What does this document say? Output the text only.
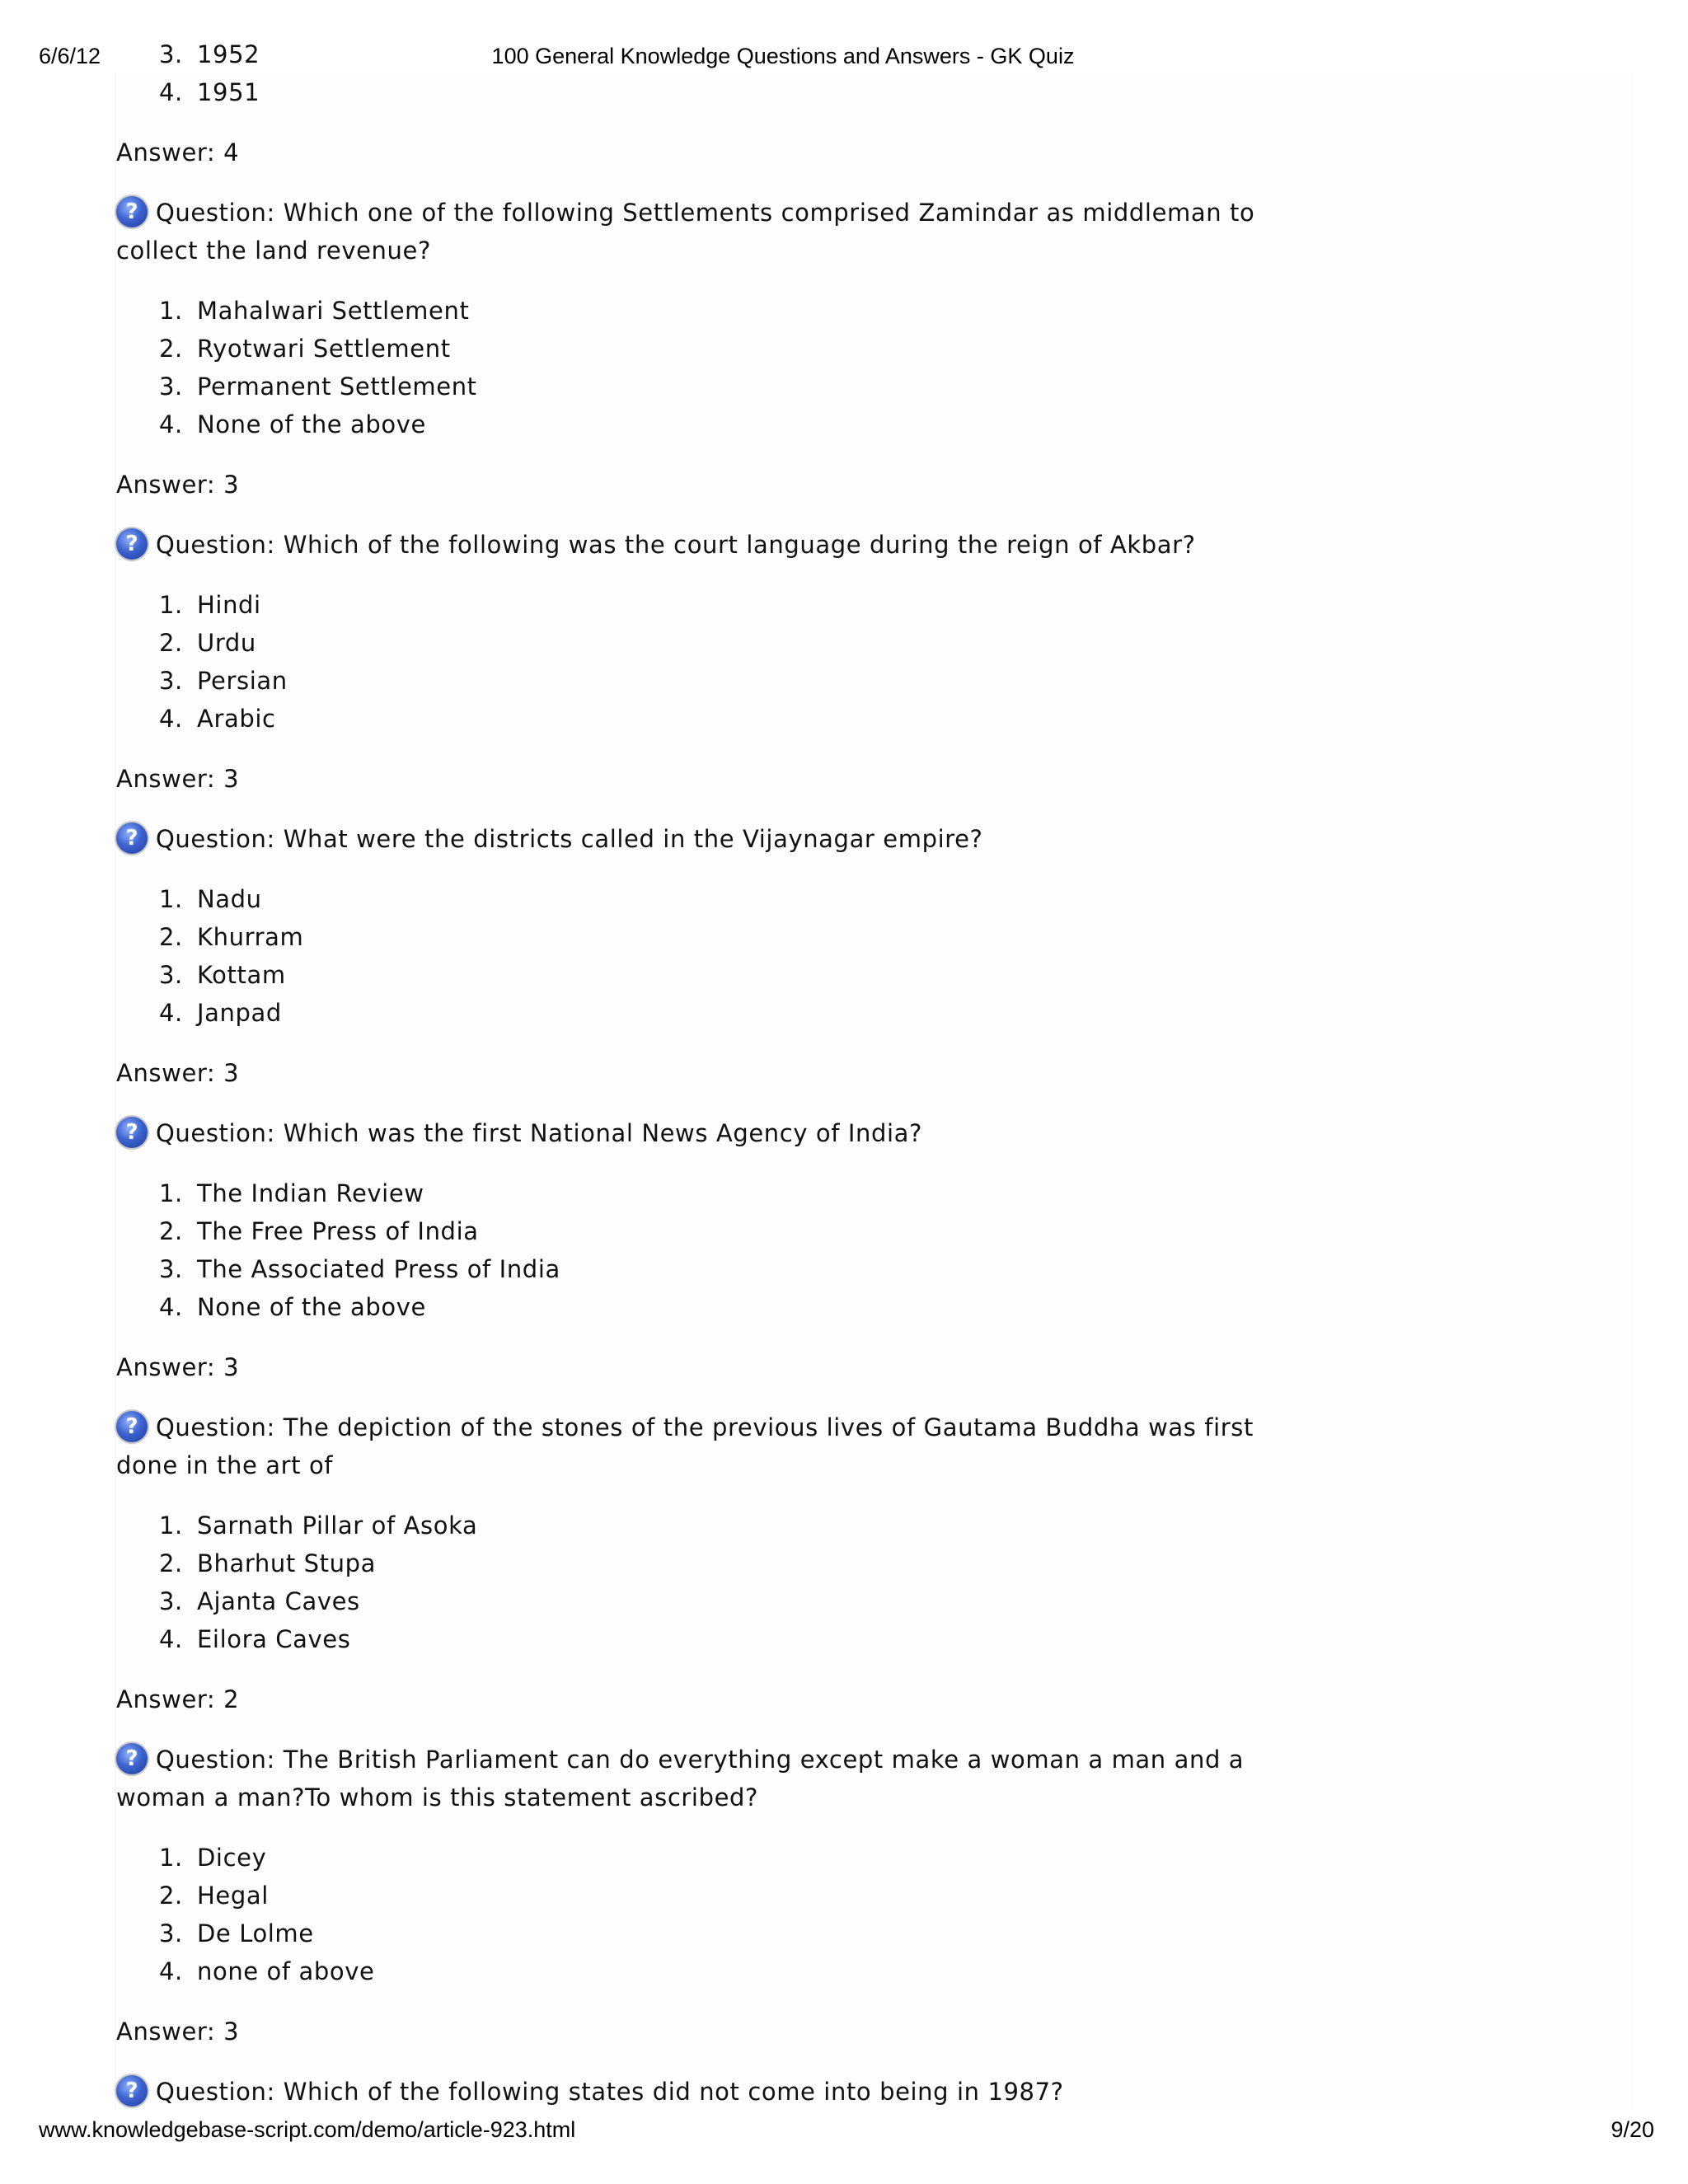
6/6/12	100 General Knowledge Questions and Answers - GK Quiz
3. 1952
4. 1951
Answer: 4
? Question: Which one of the following Settlements comprised Zamindar as middleman to collect the land revenue?
1. Mahalwari Settlement
2. Ryotwari Settlement
3. Permanent Settlement
4. None of the above
Answer: 3
? Question: Which of the following was the court language during the reign of Akbar?
1. Hindi
2. Urdu
3. Persian
4. Arabic
Answer: 3
? Question: What were the districts called in the Vijaynagar empire?
1. Nadu
2. Khurram
3. Kottam
4. Janpad
Answer: 3
? Question: Which was the first National News Agency of India?
1. The Indian Review
2. The Free Press of India
3. The Associated Press of India
4. None of the above
Answer: 3
? Question: The depiction of the stones of the previous lives of Gautama Buddha was first done in the art of
1. Sarnath Pillar of Asoka
2. Bharhut Stupa
3. Ajanta Caves
4. Eilora Caves
Answer: 2
? Question: The British Parliament can do everything except make a woman a man and a woman a man?To whom is this statement ascribed?
1. Dicey
2. Hegal
3. De Lolme
4. none of above
Answer: 3
? Question: Which of the following states did not come into being in 1987?
www.knowledgebase-script.com/demo/article-923.html	9/20
